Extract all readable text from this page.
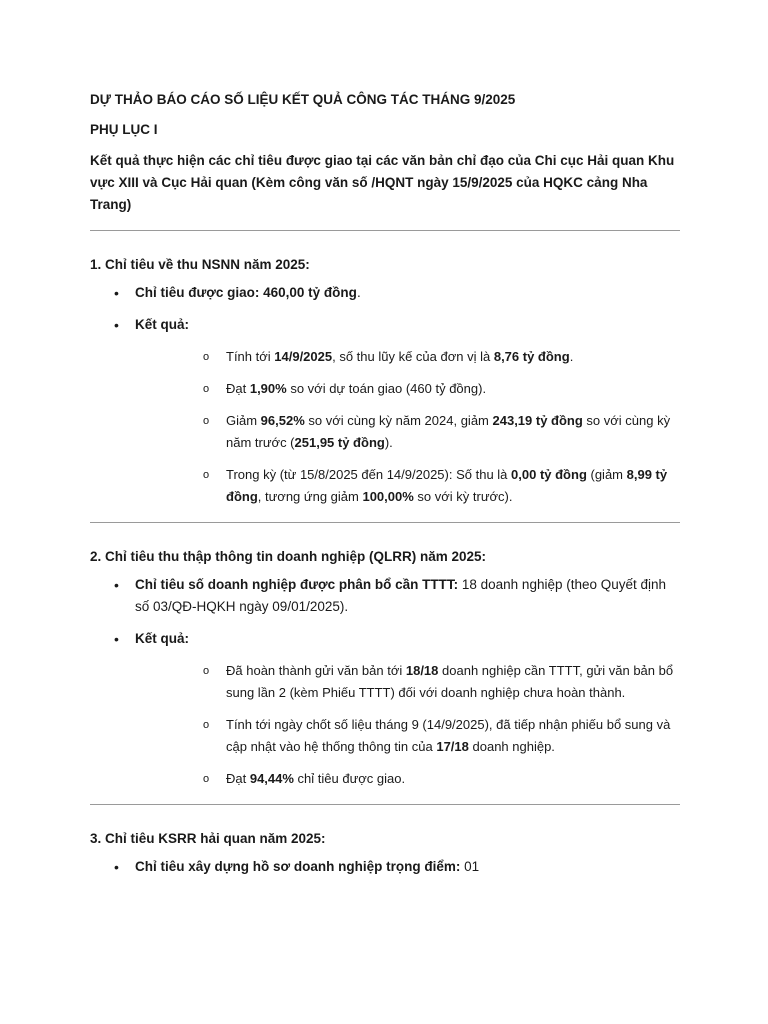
DỰ THẢO BÁO CÁO SỐ LIỆU KẾT QUẢ CÔNG TÁC THÁNG 9/2025

PHỤ LỤC I

Kết quả thực hiện các chỉ tiêu được giao tại các văn bản chỉ đạo của Chi cục Hải quan Khu vực XIII và Cục Hải quan (Kèm công văn số /HQNT ngày 15/9/2025 của HQKC cảng Nha Trang)

1. Chỉ tiêu về thu NSNN năm 2025:
• Chỉ tiêu được giao: 460,00 tỷ đồng.
• Kết quả:
o Tính tới 14/9/2025, số thu lũy kế của đơn vị là 8,76 tỷ đồng.
o Đạt 1,90% so với dự toán giao (460 tỷ đồng).
o Giảm 96,52% so với cùng kỳ năm 2024, giảm 243,19 tỷ đồng so với cùng kỳ năm trước (251,95 tỷ đồng).
o Trong kỳ (từ 15/8/2025 đến 14/9/2025): Số thu là 0,00 tỷ đồng (giảm 8,99 tỷ đồng, tương ứng giảm 100,00% so với kỳ trước).
2. Chỉ tiêu thu thập thông tin doanh nghiệp (QLRR) năm 2025:
• Chỉ tiêu số doanh nghiệp được phân bổ cần TTTT: 18 doanh nghiệp (theo Quyết định số 03/QĐ-HQKH ngày 09/01/2025).
• Kết quả:
o Đã hoàn thành gửi văn bản tới 18/18 doanh nghiệp cần TTTT, gửi văn bản bổ sung lần 2 (kèm Phiếu TTTT) đối với doanh nghiệp chưa hoàn thành.
o Tính tới ngày chốt số liệu tháng 9 (14/9/2025), đã tiếp nhận phiếu bổ sung và cập nhật vào hệ thống thông tin của 17/18 doanh nghiệp.
o Đạt 94,44% chỉ tiêu được giao.
3. Chỉ tiêu KSRR hải quan năm 2025:
• Chỉ tiêu xây dựng hồ sơ doanh nghiệp trọng điểm: 01
